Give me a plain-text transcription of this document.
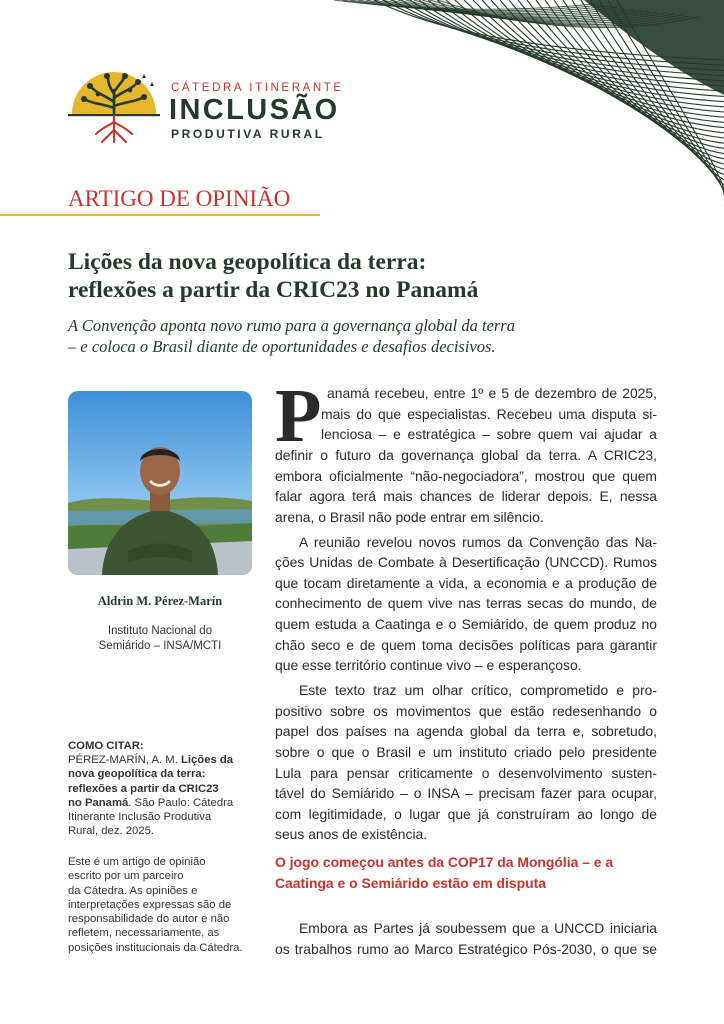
CÁTEDRA ITINERANTE
INCLUSÃO
PRODUTIVA RURAL
ARTIGO DE OPINIÃO
Lições da nova geopolítica da terra:
reflexões a partir da CRIC23 no Panamá

A Convenção aponta novo rumo para a governança global da terra
– e coloca o Brasil diante de oportunidades e desafios decisivos.

Aldrin M. Pérez-Marín
Instituto Nacional do
Semiárido – INSA/MCTI
COMO CITAR:
PÉREZ-MARÍN, A. M. Lições da
nova geopolítica da terra:
reflexões a partir da CRIC23
no Panamá. São Paulo: Cátedra
Itinerante Inclusão Produtiva
Rural, dez. 2025.
Este é um artigo de opinião
escrito por um parceiro
da Cátedra. As opiniões e
interpretações expressas são de
responsabilidade do autor e não
refletem, necessariamente, as
posições institucionais da Cátedra.
P anamá recebeu, entre 1º e 5 de dezembro de 2025,
mais do que especialistas. Recebeu uma disputa si-
lenciosa – e estratégica – sobre quem vai ajudar a
definir o futuro da governança global da terra. A CRIC23,
embora oficialmente “não-negociadora”, mostrou que quem
falar agora terá mais chances de liderar depois. E, nessa
arena, o Brasil não pode entrar em silêncio.
A reunião revelou novos rumos da Convenção das Na-
ções Unidas de Combate à Desertificação (UNCCD). Rumos
que tocam diretamente a vida, a economia e a produção de
conhecimento de quem vive nas terras secas do mundo, de
quem estuda a Caatinga e o Semiárido, de quem produz no
chão seco e de quem toma decisões políticas para garantir
que esse território continue vivo – e esperançoso.
Este texto traz um olhar crítico, comprometido e pro-
positivo sobre os movimentos que estão redesenhando o
papel dos países na agenda global da terra e, sobretudo,
sobre o que o Brasil e um instituto criado pelo presidente
Lula para pensar criticamente o desenvolvimento susten-
tável do Semiárido – o INSA – precisam fazer para ocupar,
com legitimidade, o lugar que já construíram ao longo de
seus anos de existência.
O jogo começou antes da COP17 da Mongólia – e a
Caatinga e o Semiárido estão em disputa
Embora as Partes já soubessem que a UNCCD iniciaria
os trabalhos rumo ao Marco Estratégico Pós-2030, o que se
